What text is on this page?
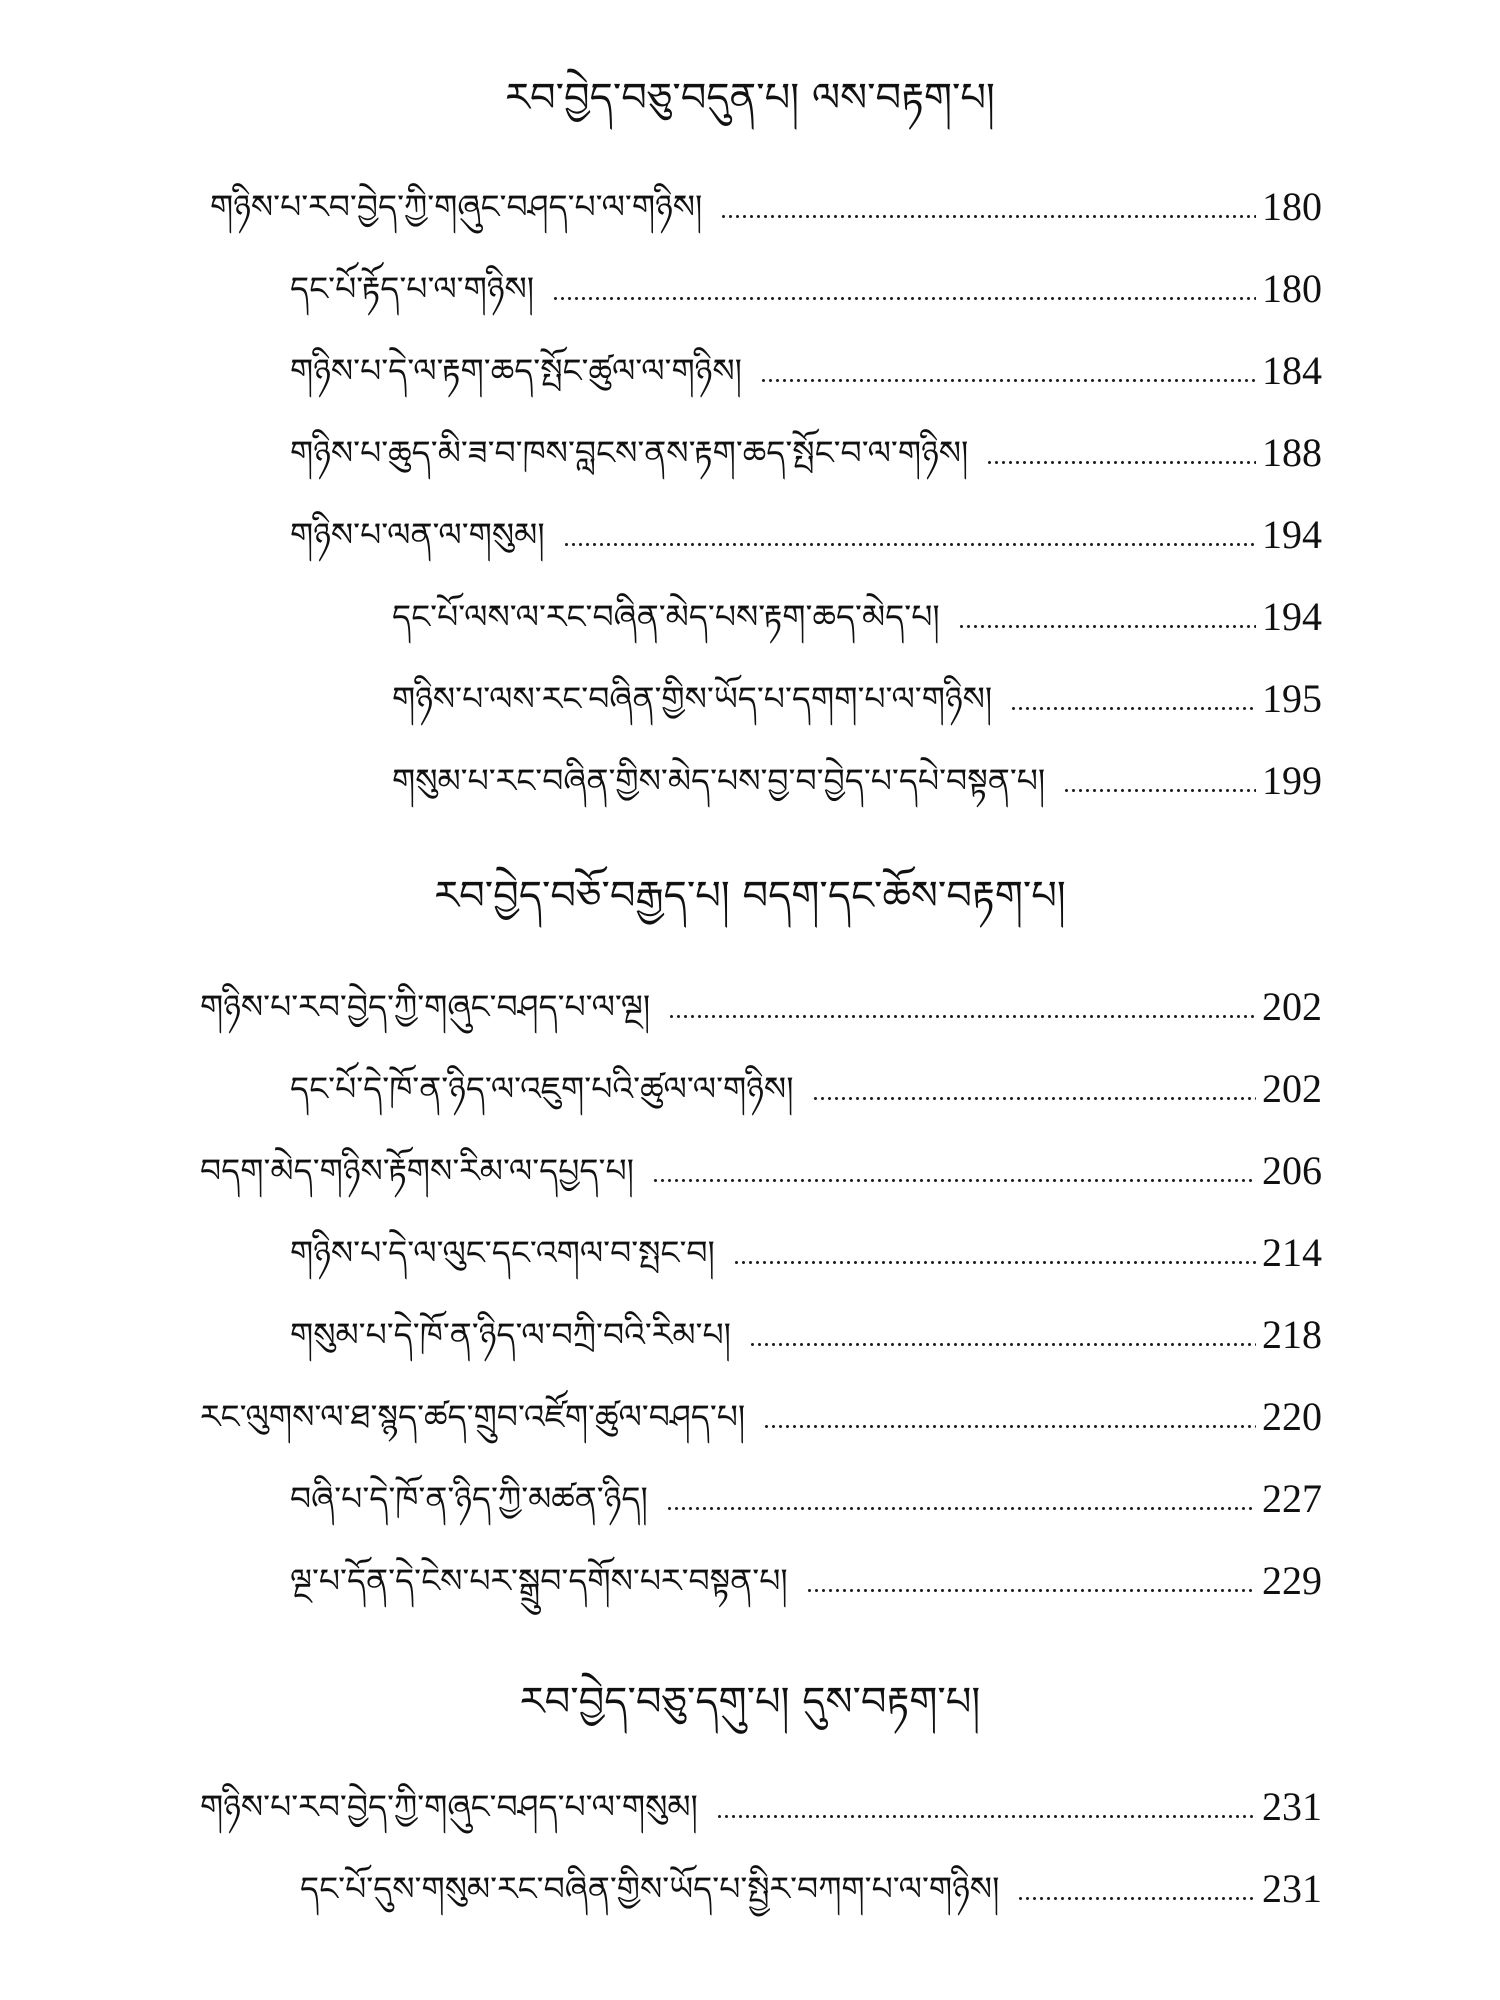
རབ་བྱེད་བཅུ་བདུན་པ། ལས་བརྟག་པ།
གཉིས་པ་རབ་བྱེད་ཀྱི་གཞུང་བཤད་པ་ལ་གཉིས།	180
དང་པོ་རྟོད་པ་ལ་གཉིས།	180
གཉིས་པ་དེ་ལ་རྟག་ཆད་སྤོང་ཚུལ་ལ་གཉིས།	184
གཉིས་པ་ཆུད་མི་ཟ་བ་ཁས་བླངས་ནས་རྟག་ཆད་སྤོང་བ་ལ་གཉིས།	188
གཉིས་པ་ལན་ལ་གསུམ།	194
དང་པོ་ལས་ལ་རང་བཞིན་མེད་པས་རྟག་ཆད་མེད་པ།	194
གཉིས་པ་ལས་རང་བཞིན་གྱིས་ཡོད་པ་དགག་པ་ལ་གཉིས།	195
གསུམ་པ་རང་བཞིན་གྱིས་མེད་པས་བྱ་བ་བྱེད་པ་དཔེ་བསྟན་པ།	199
རབ་བྱེད་བཅོ་བརྒྱད་པ། བདག་དང་ཆོས་བརྟག་པ།
གཉིས་པ་རབ་བྱེད་ཀྱི་གཞུང་བཤད་པ་ལ་ལྔ།	202
དང་པོ་དེ་ཁོ་ན་ཉིད་ལ་འཇུག་པའི་ཚུལ་ལ་གཉིས།	202
བདག་མེད་གཉིས་རྟོགས་རིམ་ལ་དཔྱད་པ།	206
གཉིས་པ་དེ་ལ་ལུང་དང་འགལ་བ་སྤང་བ།	214
གསུམ་པ་དེ་ཁོ་ན་ཉིད་ལ་བཀྲི་བའི་རིམ་པ།	218
རང་ལུགས་ལ་ཐ་སྙད་ཚད་གྲུབ་འཛོག་ཚུལ་བཤད་པ།	220
བཞི་པ་དེ་ཁོ་ན་ཉིད་ཀྱི་མཚན་ཉིད།	227
ལྔ་པ་དོན་དེ་ངེས་པར་སྒྲུབ་དགོས་པར་བསྟན་པ།	229
རབ་བྱེད་བཅུ་དགུ་པ། དུས་བརྟག་པ།
གཉིས་པ་རབ་བྱེད་ཀྱི་གཞུང་བཤད་པ་ལ་གསུམ།	231
དང་པོ་དུས་གསུམ་རང་བཞིན་གྱིས་ཡོད་པ་སྤྱིར་བཀག་པ་ལ་གཉིས།	231
